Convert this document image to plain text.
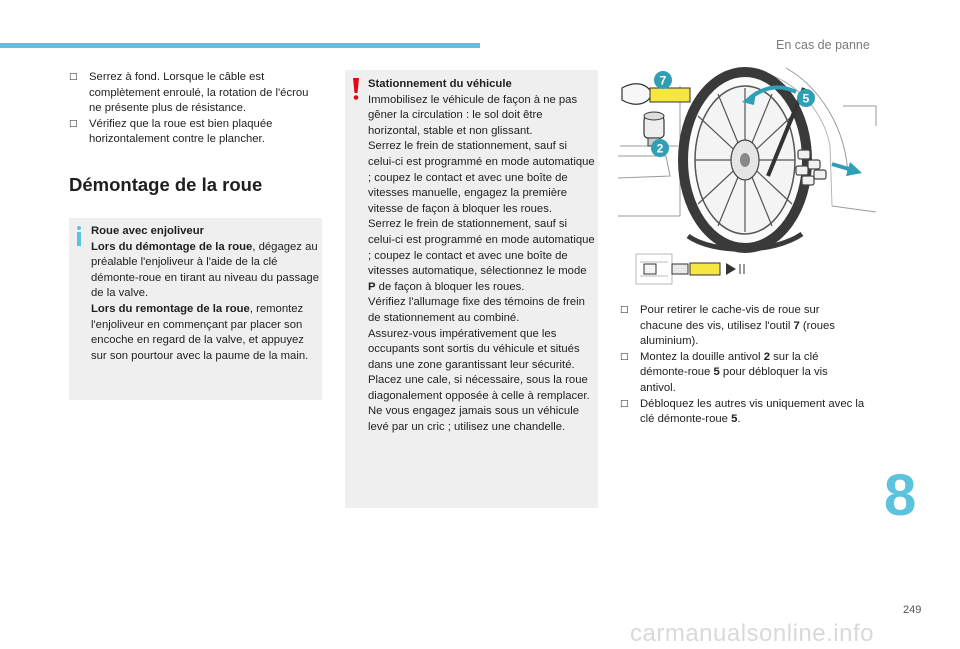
En cas de panne
□ Serrez à fond. Lorsque le câble est complètement enroulé, la rotation de l'écrou ne présente plus de résistance.
□ Vérifiez que la roue est bien plaquée horizontalement contre le plancher.
Démontage de la roue
Roue avec enjoliveur
Lors du démontage de la roue, dégagez au préalable l'enjoliveur à l'aide de la clé démonte-roue en tirant au niveau du passage de la valve.
Lors du remontage de la roue, remontez l'enjoliveur en commençant par placer son encoche en regard de la valve, et appuyez sur son pourtour avec la paume de la main.
Stationnement du véhicule
Immobilisez le véhicule de façon à ne pas gêner la circulation : le sol doit être horizontal, stable et non glissant.
Serrez le frein de stationnement, sauf si celui-ci est programmé en mode automatique ; coupez le contact et avec une boîte de vitesses manuelle, engagez la première vitesse de façon à bloquer les roues.
Serrez le frein de stationnement, sauf si celui-ci est programmé en mode automatique ; coupez le contact et avec une boîte de vitesses automatique, sélectionnez le mode P de façon à bloquer les roues.
Vérifiez l'allumage fixe des témoins de frein de stationnement au combiné.
Assurez-vous impérativement que les occupants sont sortis du véhicule et situés dans une zone garantissant leur sécurité.
Placez une cale, si nécessaire, sous la roue diagonalement opposée à celle à remplacer.
Ne vous engagez jamais sous un véhicule levé par un cric ; utilisez une chandelle.
7
5
2
□ Pour retirer le cache-vis de roue sur chacune des vis, utilisez l'outil 7 (roues aluminium).
□ Montez la douille antivol 2 sur la clé démonte-roue 5 pour débloquer la vis antivol.
□ Débloquez les autres vis uniquement avec la clé démonte-roue 5.
8
249
carmanualsonline.info
